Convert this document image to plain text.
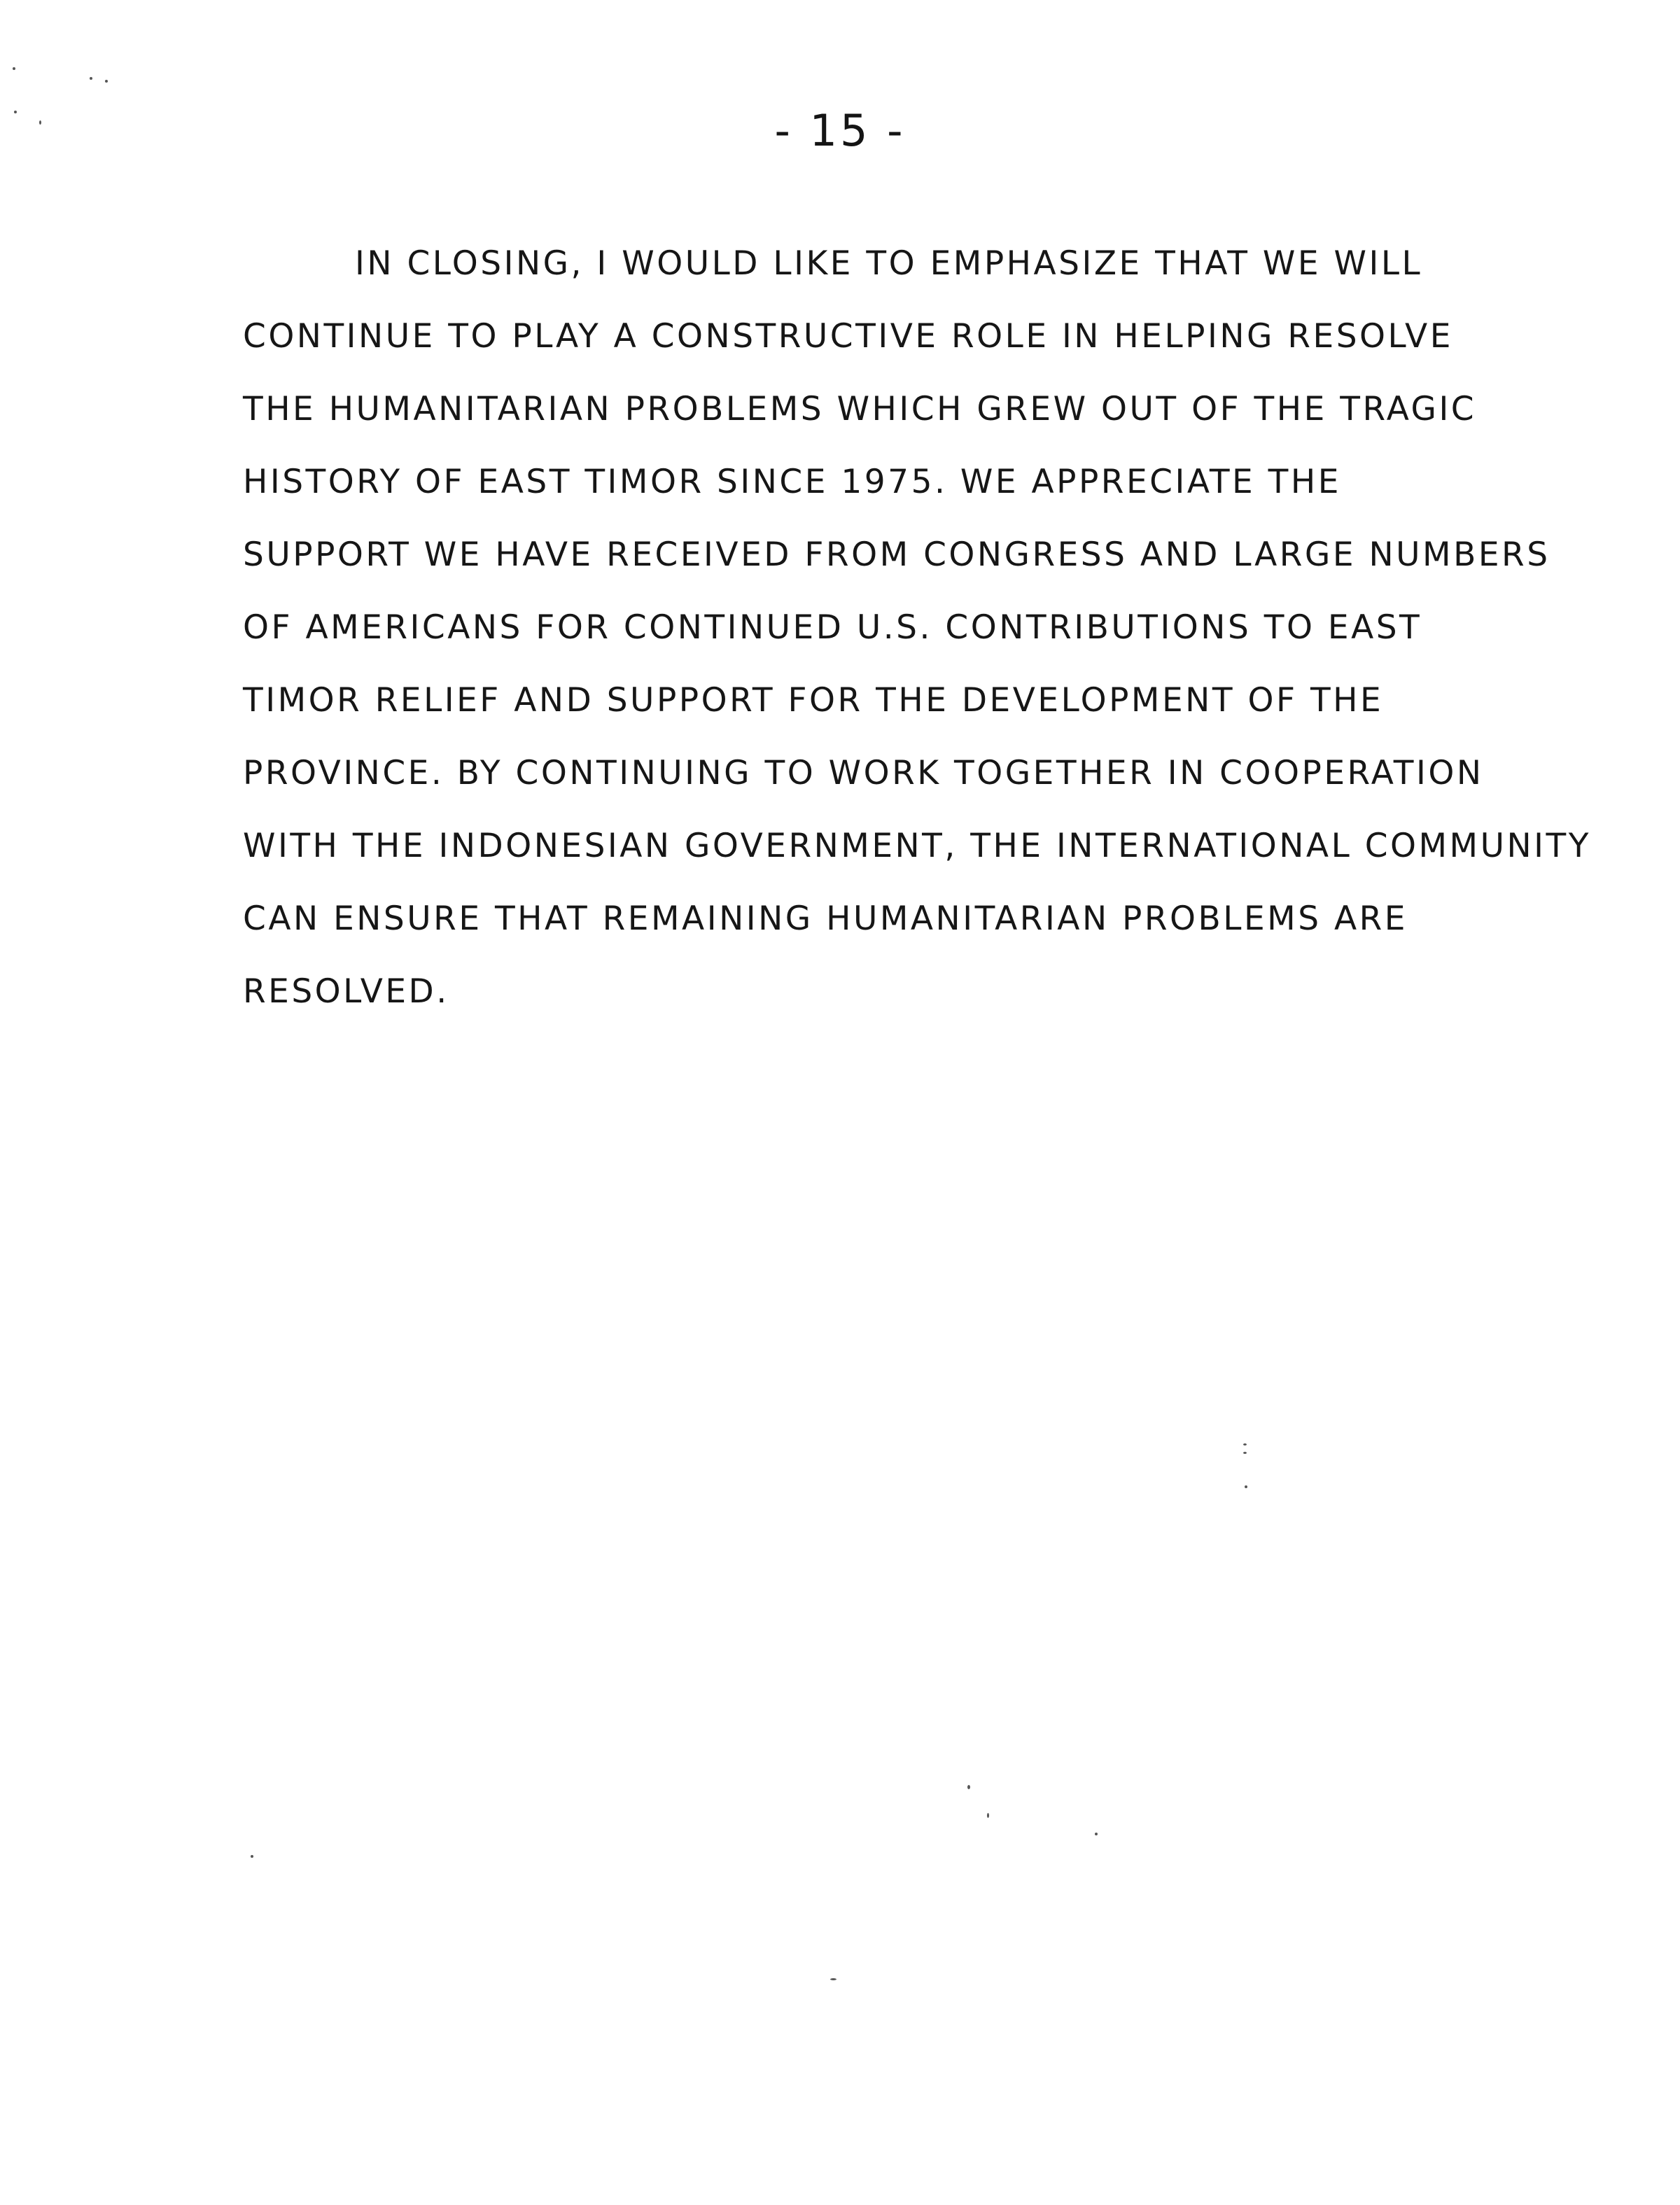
- 15 -
IN CLOSING, I WOULD LIKE TO EMPHASIZE THAT WE WILL
CONTINUE TO PLAY A CONSTRUCTIVE ROLE IN HELPING RESOLVE
THE HUMANITARIAN PROBLEMS WHICH GREW OUT OF THE TRAGIC
HISTORY OF EAST TIMOR SINCE 1975. WE APPRECIATE THE
SUPPORT WE HAVE RECEIVED FROM CONGRESS AND LARGE NUMBERS
OF AMERICANS FOR CONTINUED U.S. CONTRIBUTIONS TO EAST
TIMOR RELIEF AND SUPPORT FOR THE DEVELOPMENT OF THE
PROVINCE. BY CONTINUING TO WORK TOGETHER IN COOPERATION
WITH THE INDONESIAN GOVERNMENT, THE INTERNATIONAL COMMUNITY
CAN ENSURE THAT REMAINING HUMANITARIAN PROBLEMS ARE
RESOLVED.
